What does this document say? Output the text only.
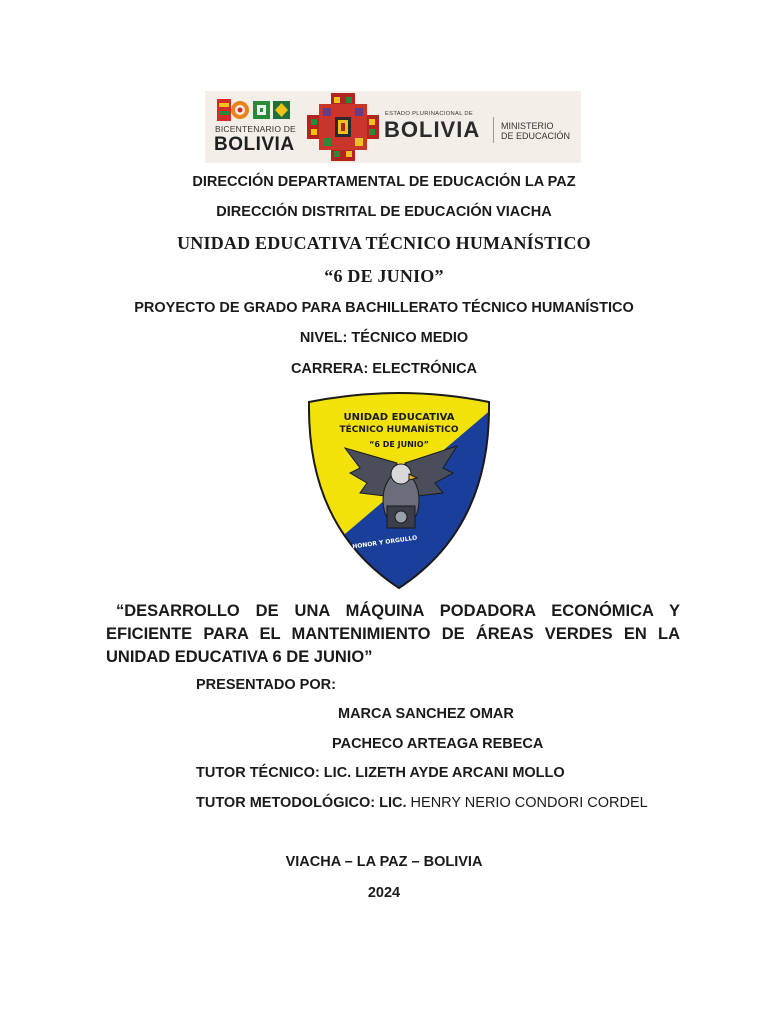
BICENTENARIO DE
BOLIVIA
ESTADO PLURINACIONAL DE
BOLIVIA MINISTERIO
DE EDUCACIÓN
DIRECCIÓN DEPARTAMENTAL DE EDUCACIÓN LA PAZ
DIRECCIÓN DISTRITAL DE EDUCACIÓN VIACHA
UNIDAD EDUCATIVA TÉCNICO HUMANÍSTICO
“6 DE JUNIO”
PROYECTO DE GRADO PARA BACHILLERATO TÉCNICO HUMANÍSTICO
NIVEL: TÉCNICO MEDIO
CARRERA: ELECTRÓNICA
UNIDAD EDUCATIVA
TÉCNICO HUMANÍSTICO
“6 DE JUNIO”
HONOR Y ORGULLO
“DESARROLLO DE UNA MÁQUINA PODADORA ECONÓMICA Y
EFICIENTE PARA EL MANTENIMIENTO DE ÁREAS VERDES EN LA
UNIDAD EDUCATIVA 6 DE JUNIO”
PRESENTADO POR:
MARCA SANCHEZ OMAR
PACHECO ARTEAGA REBECA
TUTOR TÉCNICO: LIC. LIZETH AYDE ARCANI MOLLO
TUTOR METODOLÓGICO: LIC. HENRY NERIO CONDORI CORDEL
VIACHA – LA PAZ – BOLIVIA
2024
